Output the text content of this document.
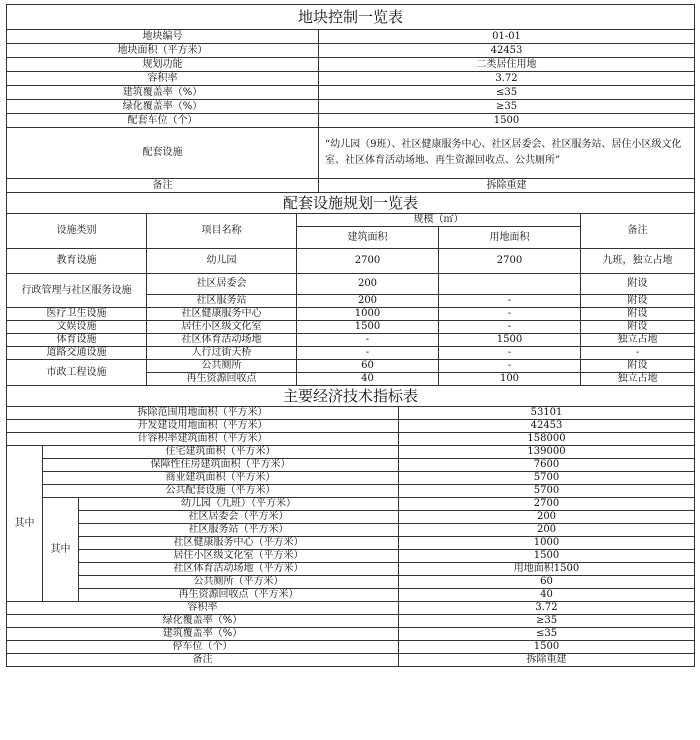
地块控制一览表	
地块编号	01-01
地块面积（平方米）	42453
规划功能	二类居住用地
容积率	3.72
建筑覆盖率（%）	≤35
绿化覆盖率（%）	≥35
配套车位（个）	1500
配套设施	“幼儿园（9班）、社区健康服务中心、社区居委会、社区服务站、居住小区级文化室、社区体育活动场地、再生资源回收点、公共厕所”
备注	拆除重建
配套设施规划一览表				
设施类别	项目名称	规模（㎡）		备注
		建筑面积	用地面积	
教育设施	幼儿园	2700	2700	九班，独立占地
行政管理与社区服务设施	社区居委会	200		附设
	社区服务站	200	-	附设
医疗卫生设施	社区健康服务中心	1000	-	附设
文娱设施	居住小区级文化室	1500	-	附设
体育设施	社区体育活动场地	-	1500	独立占地
道路交通设施	人行过街天桥	-	-	-
市政工程设施	公共厕所	60	-	附设
	再生资源回收点	40	100	独立占地
主要经济技术指标表			
拆除范围用地面积（平方米）			53101
开发建设用地面积（平方米）			42453
计容积率建筑面积（平方米）			158000
其中	住宅建筑面积（平方米）		139000
	保障性住房建筑面积（平方米）		7600
	商业建筑面积（平方米）		5700
	公共配套设施（平方米）		5700
	其中	幼儿园（九班）（平方米）	2700
		社区居委会（平方米）	200
		社区服务站（平方米）	200
		社区健康服务中心（平方米）	1000
		居住小区级文化室（平方米）	1500
		社区体育活动场地（平方米）	用地面积1500
		公共厕所（平方米）	60
		再生资源回收点（平方米）	40
容积率			3.72
绿化覆盖率（%）			≥35
建筑覆盖率（%）			≤35
停车位（个）			1500
备注			拆除重建
